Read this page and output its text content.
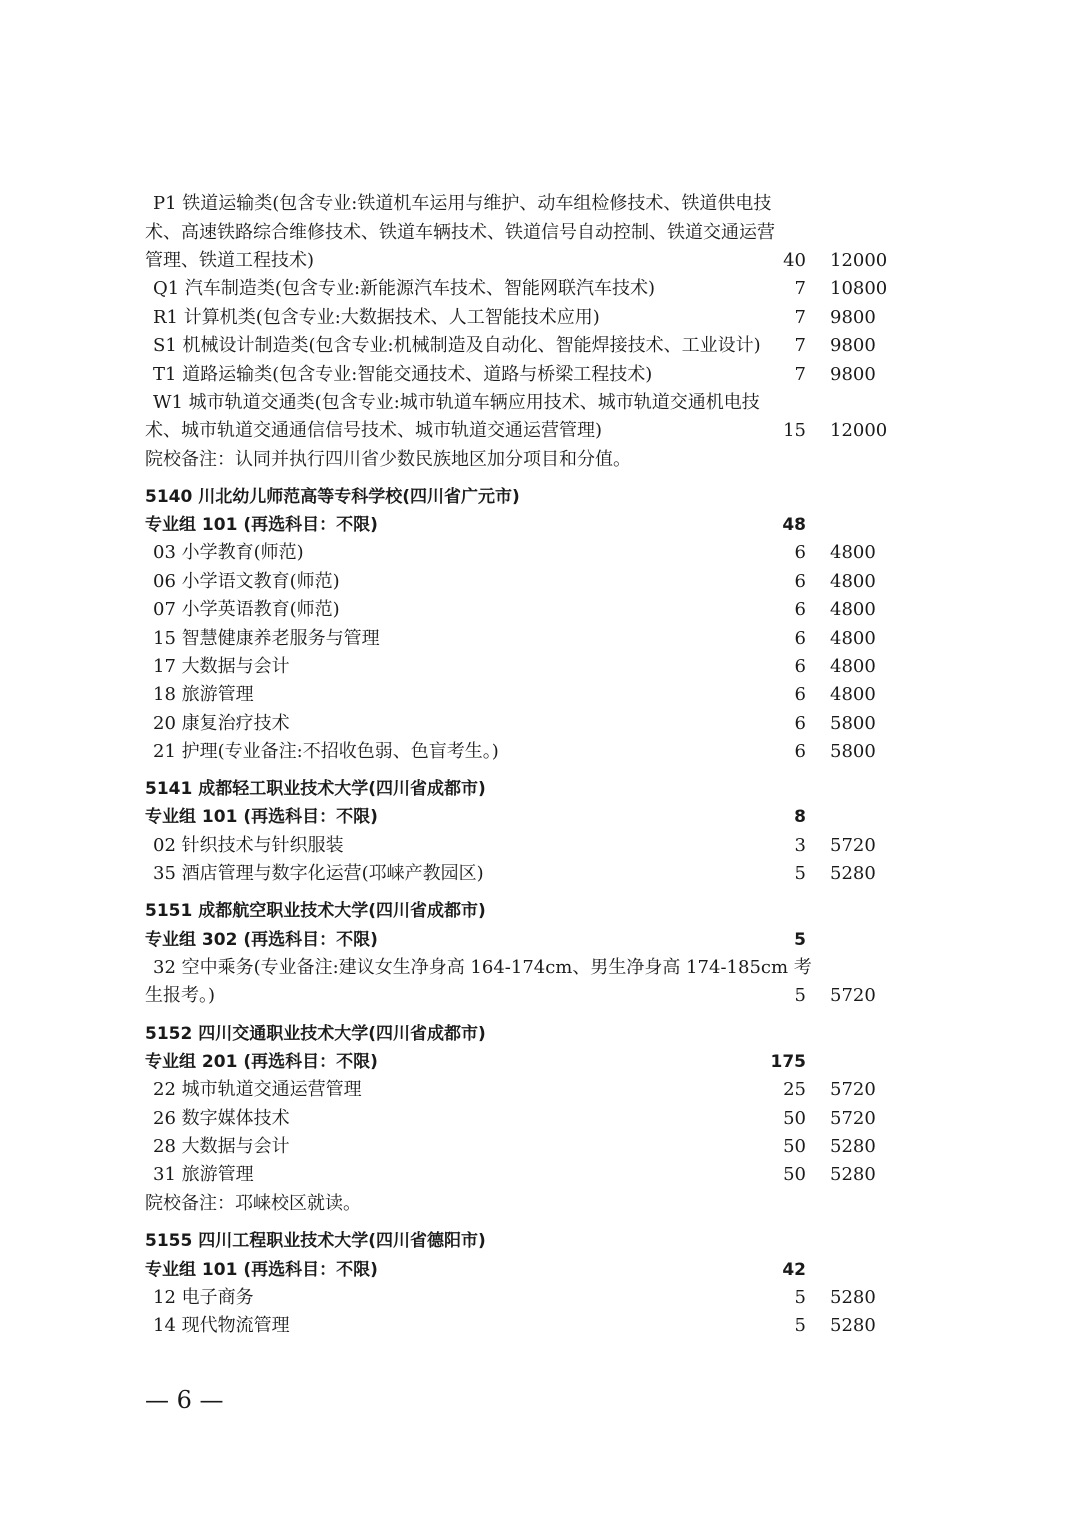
P1 铁道运输类(包含专业:铁道机车运用与维护、动车组检修技术、铁道供电技
术、高速铁路综合维修技术、铁道车辆技术、铁道信号自动控制、铁道交通运营
管理、铁道工程技术)	40 12000
Q1 汽车制造类(包含专业:新能源汽车技术、智能网联汽车技术)	7 10800
R1 计算机类(包含专业:大数据技术、人工智能技术应用)	7 9800
S1 机械设计制造类(包含专业:机械制造及自动化、智能焊接技术、工业设计) 7 9800
T1 道路运输类(包含专业:智能交通技术、道路与桥梁工程技术)	7 9800
W1 城市轨道交通类(包含专业:城市轨道车辆应用技术、城市轨道交通机电技
术、城市轨道交通通信信号技术、城市轨道交通运营管理)	15 12000
院校备注：认同并执行四川省少数民族地区加分项目和分值。
5140 川北幼儿师范高等专科学校(四川省广元市)
专业组 101 (再选科目：不限)	48
03 小学教育(师范)	6 4800
06 小学语文教育(师范)	6 4800
07 小学英语教育(师范)	6 4800
15 智慧健康养老服务与管理	6 4800
17 大数据与会计	6 4800
18 旅游管理	6 4800
20 康复治疗技术	6 5800
21 护理(专业备注:不招收色弱、色盲考生。)	6 5800
5141 成都轻工职业技术大学(四川省成都市)
专业组 101 (再选科目：不限)	8
02 针织技术与针织服装	3 5720
35 酒店管理与数字化运营(邛崃产教园区)	5 5280
5151 成都航空职业技术大学(四川省成都市)
专业组 302 (再选科目：不限)	5
32 空中乘务(专业备注:建议女生净身高 164-174cm、男生净身高 174-185cm 考
生报考。)	5 5720
5152 四川交通职业技术大学(四川省成都市)
专业组 201 (再选科目：不限)	175
22 城市轨道交通运营管理	25 5720
26 数字媒体技术	50 5720
28 大数据与会计	50 5280
31 旅游管理	50 5280
院校备注：邛崃校区就读。
5155 四川工程职业技术大学(四川省德阳市)
专业组 101 (再选科目：不限)	42
12 电子商务	5 5280
14 现代物流管理	5 5280
— 6 —
